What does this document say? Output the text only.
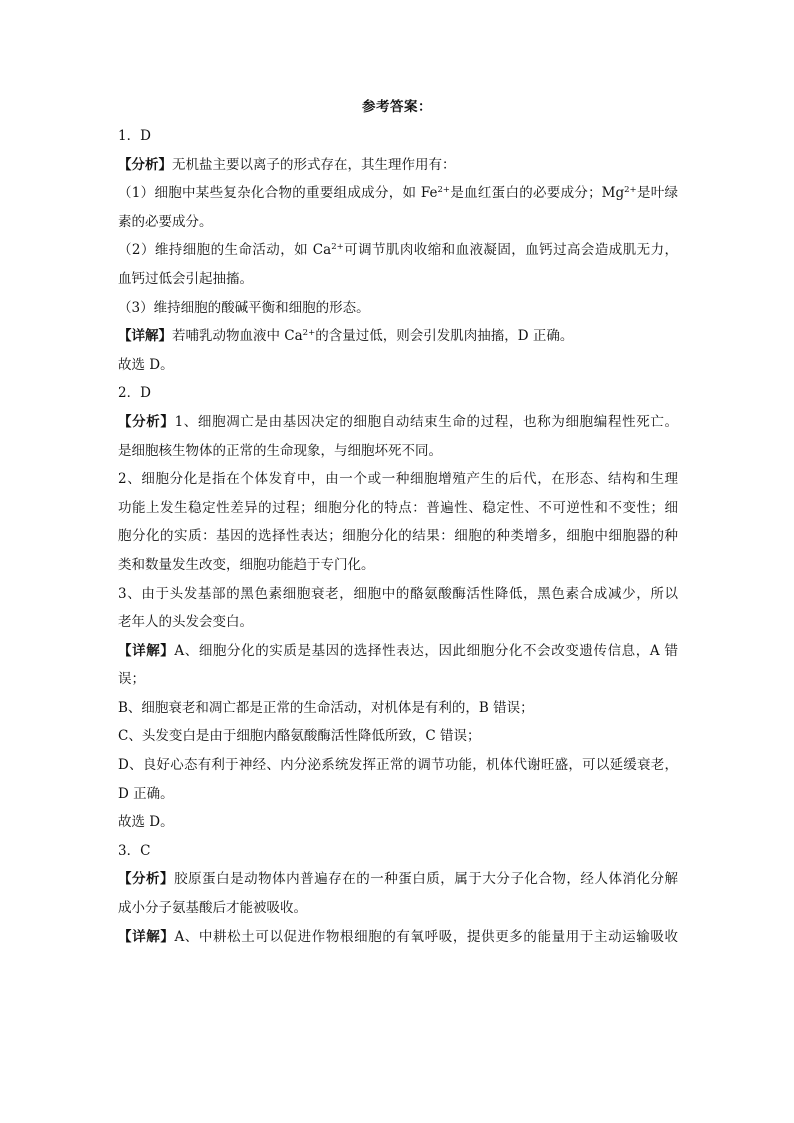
参考答案：
1．D
【分析】无机盐主要以离子的形式存在，其生理作用有：
（1）细胞中某些复杂化合物的重要组成成分，如 $Fe^{2+}$是血红蛋白的必要成分；$Mg^{2+}$是叶绿
素的必要成分。
（2）维持细胞的生命活动，如 $Ca^{2+}$可调节肌肉收缩和血液凝固，血钙过高会造成肌无力，
血钙过低会引起抽搐。
（3）维持细胞的酸碱平衡和细胞的形态。
【详解】若哺乳动物血液中 $Ca^{2+}$的含量过低，则会引发肌肉抽搐，D 正确。
故选 D。
2．D
【分析】1、细胞凋亡是由基因决定的细胞自动结束生命的过程，也称为细胞编程性死亡。
是细胞核生物体的正常的生命现象，与细胞坏死不同。
2、细胞分化是指在个体发育中，由一个或一种细胞增殖产生的后代，在形态、结构和生理
功能上发生稳定性差异的过程；细胞分化的特点：普遍性、稳定性、不可逆性和不变性；细
胞分化的实质：基因的选择性表达；细胞分化的结果：细胞的种类增多，细胞中细胞器的种
类和数量发生改变，细胞功能趋于专门化。
3、由于头发基部的黑色素细胞衰老，细胞中的酪氨酸酶活性降低，黑色素合成减少，所以
老年人的头发会变白。
【详解】A、细胞分化的实质是基因的选择性表达，因此细胞分化不会改变遗传信息，A 错
误；
B、细胞衰老和凋亡都是正常的生命活动，对机体是有利的，B 错误；
C、头发变白是由于细胞内酪氨酸酶活性降低所致，C 错误；
D、良好心态有利于神经、内分泌系统发挥正常的调节功能，机体代谢旺盛，可以延缓衰老，
D 正确。
故选 D。
3．C
【分析】胶原蛋白是动物体内普遍存在的一种蛋白质，属于大分子化合物，经人体消化分解
成小分子氨基酸后才能被吸收。
【详解】A、中耕松土可以促进作物根细胞的有氧呼吸，提供更多的能量用于主动运输吸收
